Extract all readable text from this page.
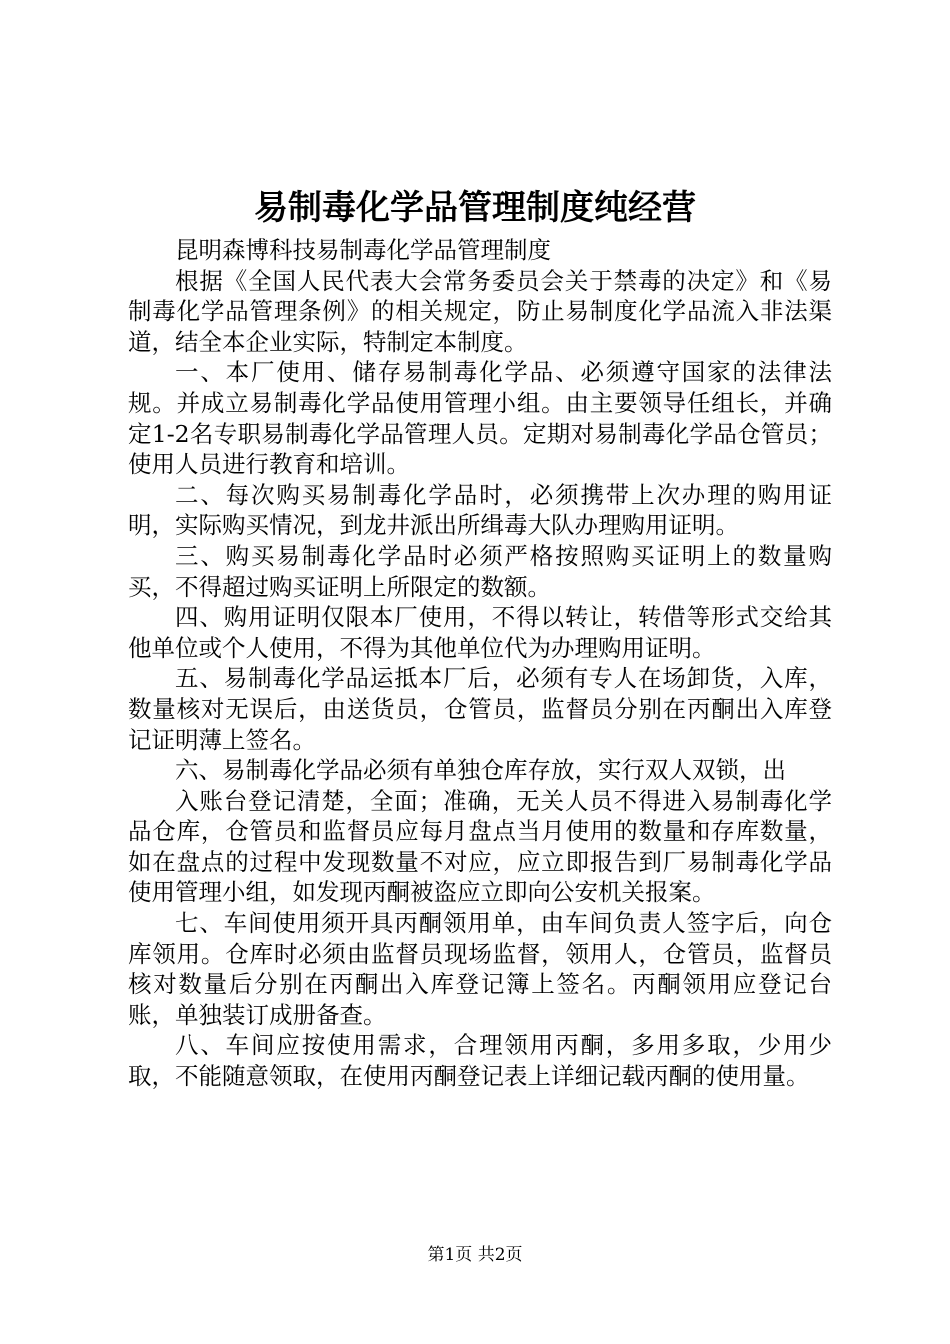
易制毒化学品管理制度纯经营

昆明森博科技易制毒化学品管理制度

根据《全国人民代表大会常务委员会关于禁毒的决定》和《易制毒化学品管理条例》的相关规定，防止易制度化学品流入非法渠道，结全本企业实际，特制定本制度。

一、本厂使用、储存易制毒化学品、必须遵守国家的法律法规。并成立易制毒化学品使用管理小组。由主要领导任组长，并确定1-2名专职易制毒化学品管理人员。定期对易制毒化学品仓管员；使用人员进行教育和培训。

二、每次购买易制毒化学品时，必须携带上次办理的购用证明，实际购买情况，到龙井派出所缉毒大队办理购用证明。

三、购买易制毒化学品时必须严格按照购买证明上的数量购买，不得超过购买证明上所限定的数额。

四、购用证明仅限本厂使用，不得以转让，转借等形式交给其他单位或个人使用，不得为其他单位代为办理购用证明。

五、易制毒化学品运抵本厂后，必须有专人在场卸货，入库，数量核对无误后，由送货员，仓管员，监督员分别在丙酮出入库登记证明薄上签名。

六、易制毒化学品必须有单独仓库存放，实行双人双锁，出

入账台登记清楚，全面；准确，无关人员不得进入易制毒化学品仓库，仓管员和监督员应每月盘点当月使用的数量和存库数量，如在盘点的过程中发现数量不对应，应立即报告到厂易制毒化学品使用管理小组，如发现丙酮被盗应立即向公安机关报案。

七、车间使用须开具丙酮领用单，由车间负责人签字后，向仓库领用。仓库时必须由监督员现场监督，领用人，仓管员，监督员核对数量后分别在丙酮出入库登记簿上签名。丙酮领用应登记台账，单独装订成册备查。

八、车间应按使用需求，合理领用丙酮，多用多取，少用少取，不能随意领取，在使用丙酮登记表上详细记载丙酮的使用量。

第1页 共2页
